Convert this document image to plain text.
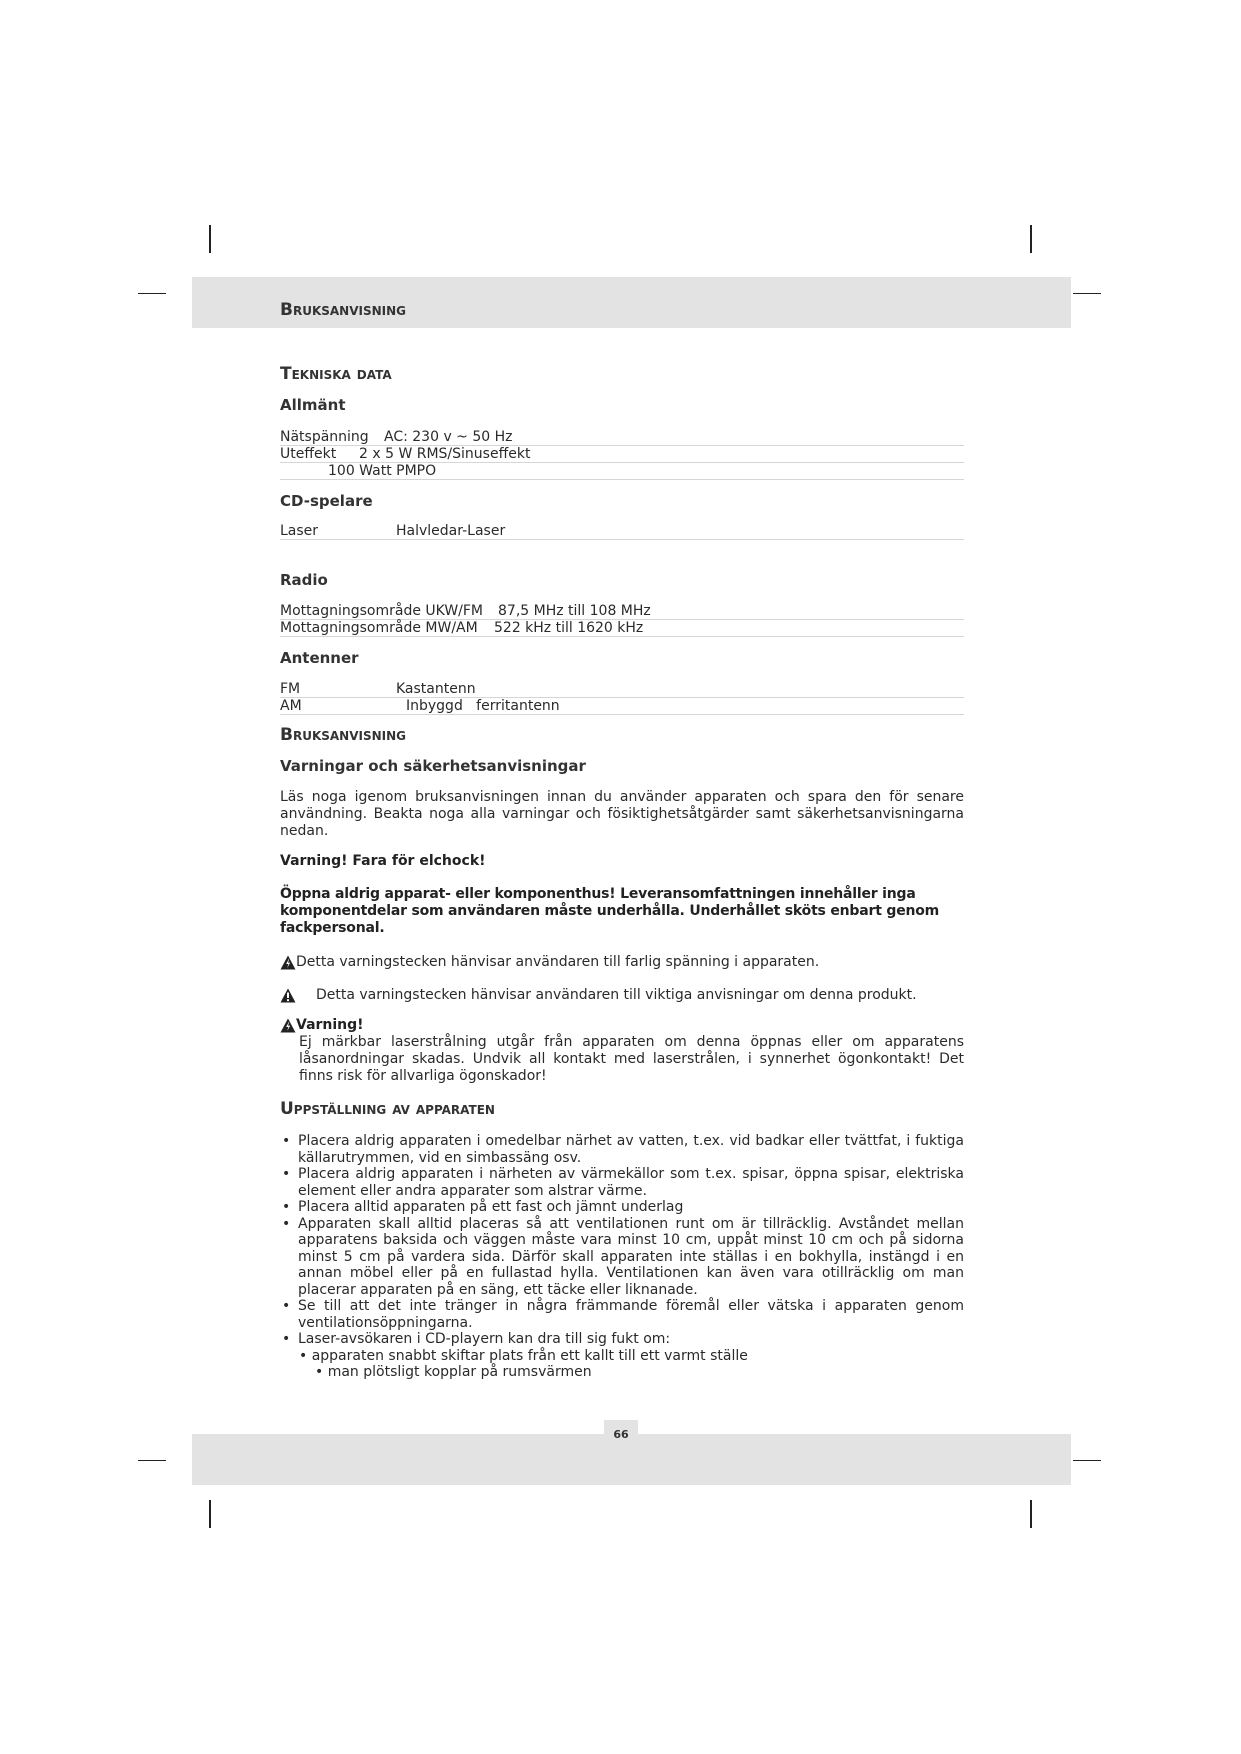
Bruksanvisning
Tekniska data
Allmänt
Nätspänning AC: 230 v ~ 50 Hz
Uteffekt 2 x 5 W RMS/Sinuseffekt
100 Watt PMPO
CD-spelare
Laser	Halvledar-Laser
Radio
Mottagningsområde UKW/FM 87,5 MHz till 108 MHz
Mottagningsområde MW/AM 522 kHz till 1620 kHz
Antenner
FM	Kastantenn
AM	Inbyggd   ferritantenn
Bruksanvisning
Varningar och säkerhetsanvisningar

Läs noga igenom bruksanvisningen innan du använder apparaten och spara den för senare användning. Beakta noga alla varningar och fösiktighetsåtgärder samt säkerhetsanvisningarna nedan.

Varning! Fara för elchock!

Öppna aldrig apparat- eller komponenthus! Leveransomfattningen innehåller inga komponentdelar som användaren måste underhålla. Underhållet sköts enbart genom fackpersonal.

Detta varningstecken hänvisar användaren till farlig spänning i apparaten.
Detta varningstecken hänvisar användaren till viktiga anvisningar om denna produkt.
Varning!

Ej märkbar laserstrålning utgår från apparaten om denna öppnas eller om apparatens låsanordningar skadas. Undvik all kontakt med laserstrålen, i synnerhet ögonkontakt! Det finns risk för allvarliga ögonskador!

Uppställning av apparaten
• Placera aldrig apparaten i omedelbar närhet av vatten, t.ex. vid badkar eller tvättfat, i fuktiga källarutrymmen, vid en simbassäng osv.
• Placera aldrig apparaten i närheten av värmekällor som t.ex. spisar, öppna spisar, elektriska element eller andra apparater som alstrar värme.
• Placera alltid apparaten på ett fast och jämnt underlag
• Apparaten skall alltid placeras så att ventilationen runt om är tillräcklig. Avståndet mellan apparatens baksida och väggen måste vara minst 10 cm, uppåt minst 10 cm och på sidorna minst 5 cm på vardera sida. Därför skall apparaten inte ställas i en bokhylla, instängd i en annan möbel eller på en fullastad hylla. Ventilationen kan även vara otillräcklig om man placerar apparaten på en säng, ett täcke eller liknanade.
• Se till att det inte tränger in några främmande föremål eller vätska i apparaten genom ventilationsöppningarna.
• Laser-avsökaren i CD-playern kan dra till sig fukt om:
• apparaten snabbt skiftar plats från ett kallt till ett varmt ställe
• man plötsligt kopplar på rumsvärmen
66
